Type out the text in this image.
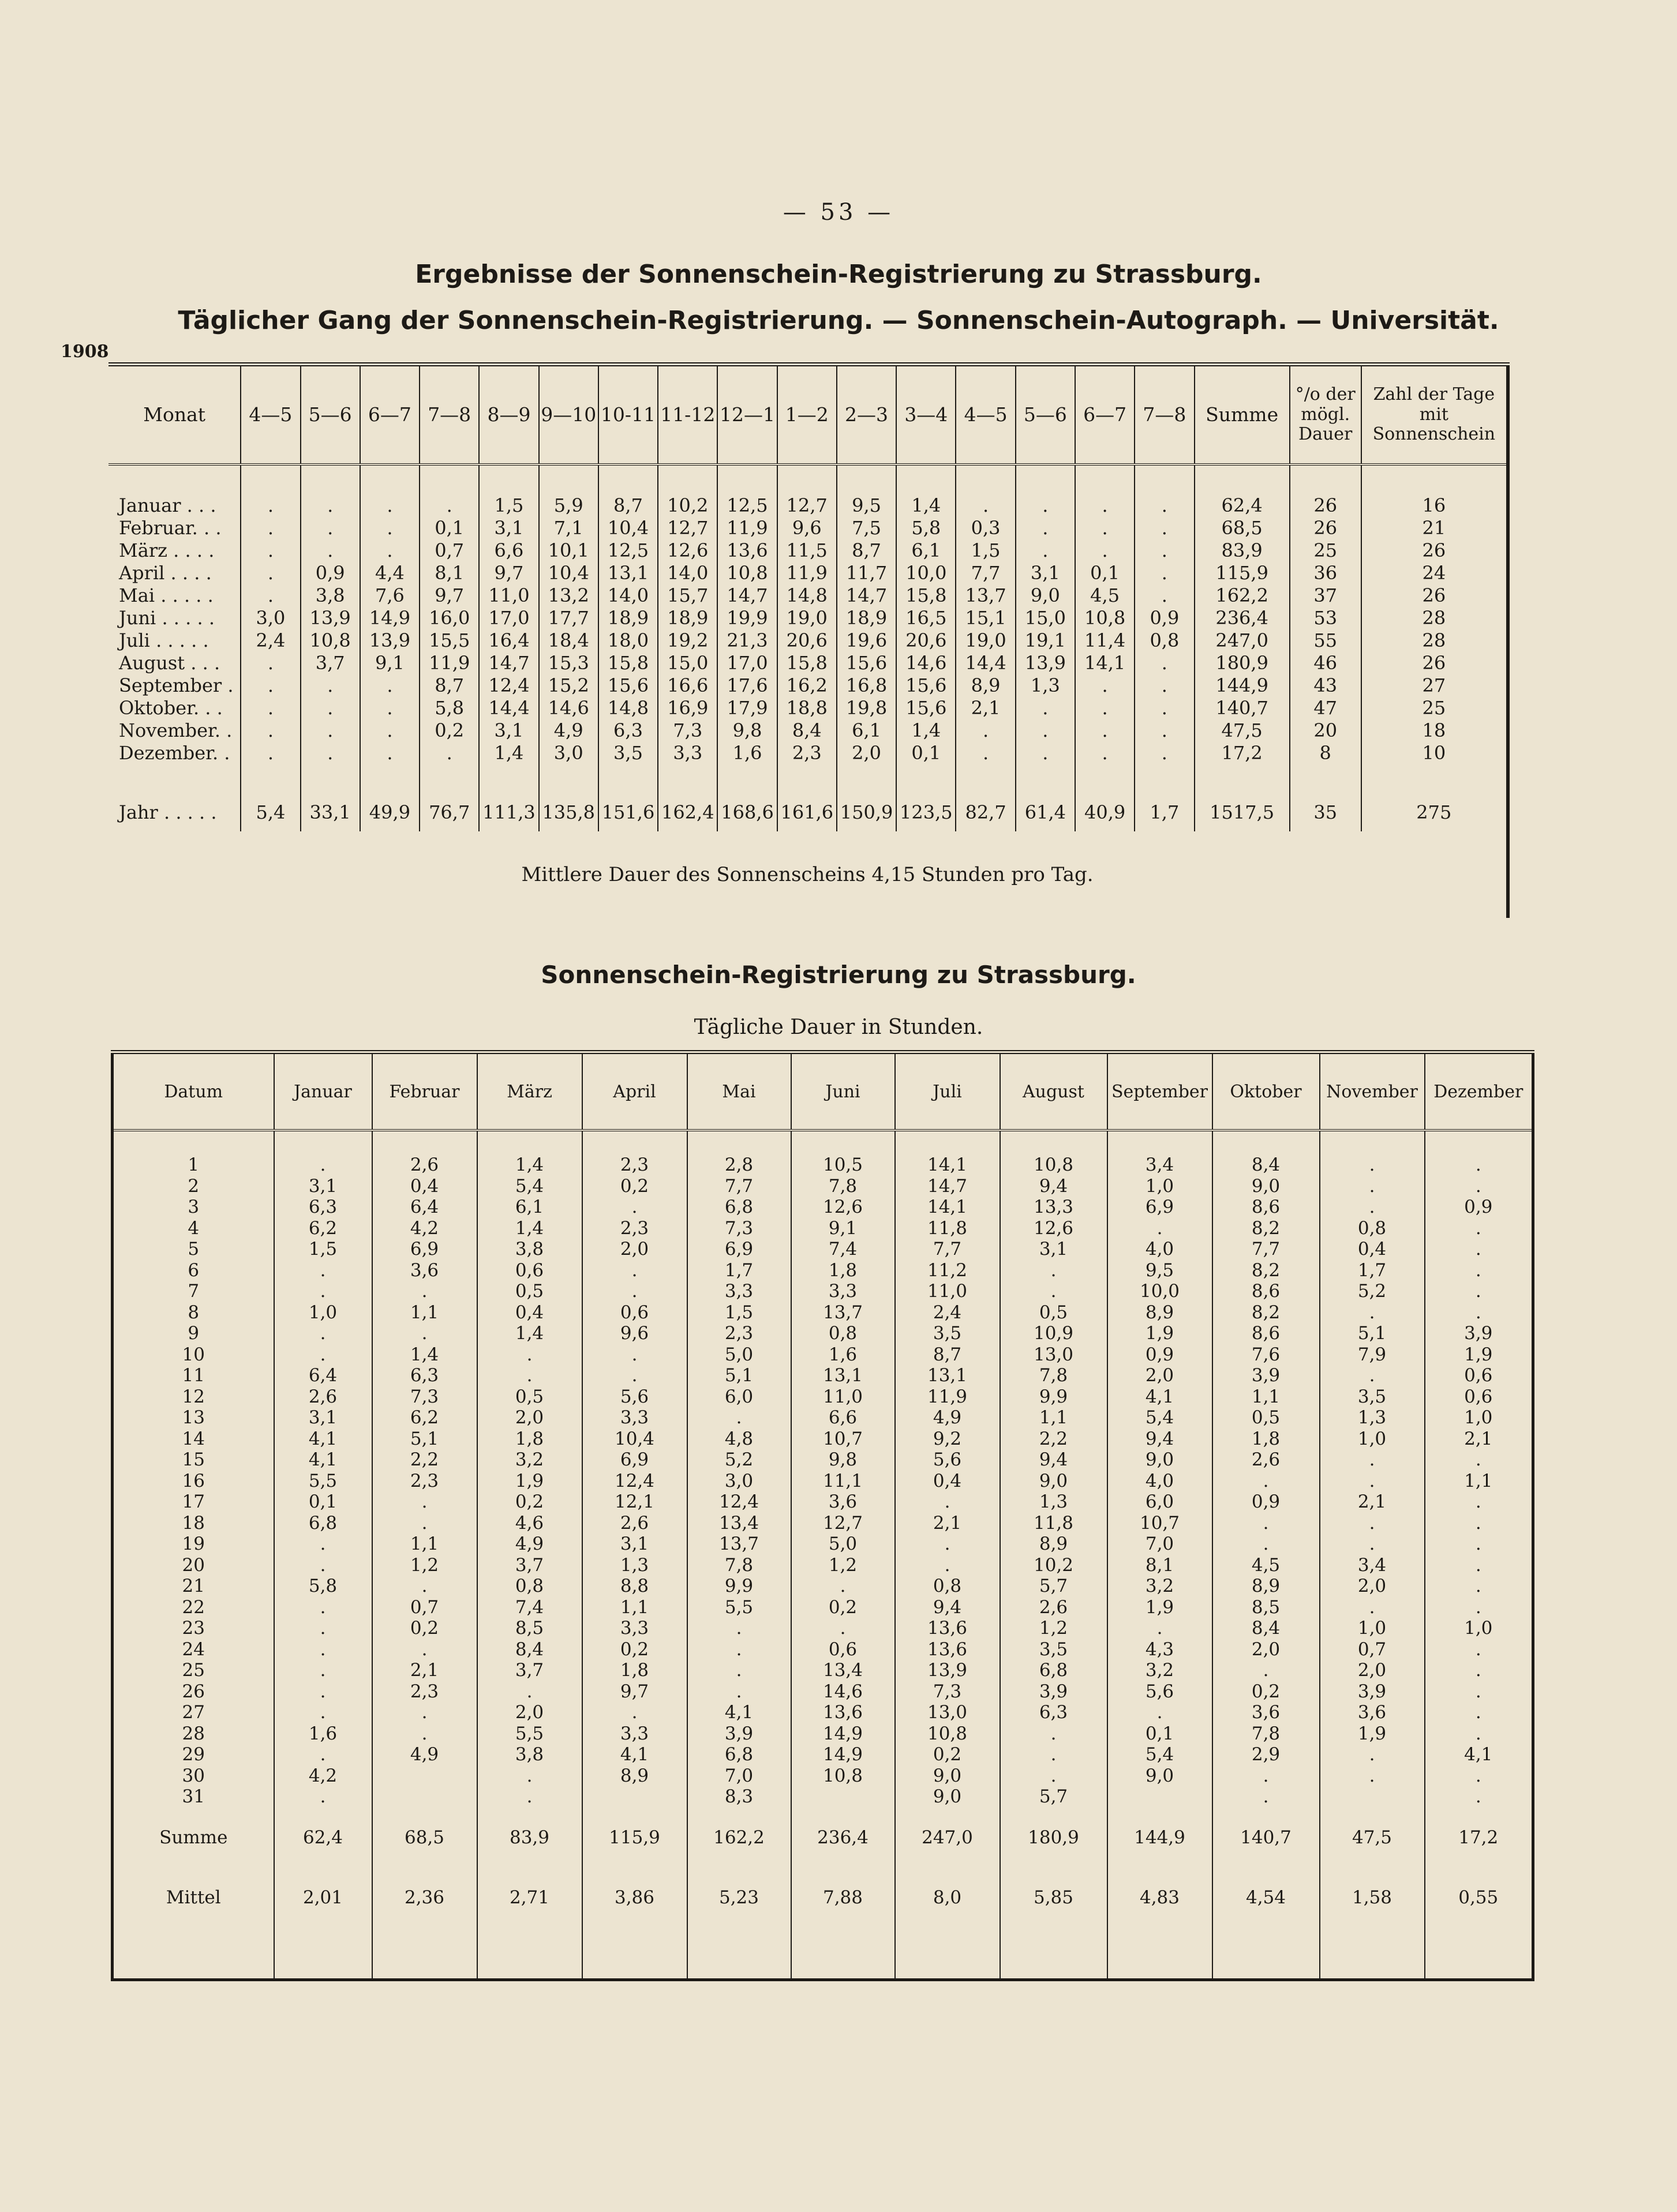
— 53 —
Ergebnisse der Sonnenschein-Registrierung zu Strassburg.
Täglicher Gang der Sonnenschein-Registrierung. — Sonnenschein-Autograph. — Universität.
1908
Monat	4—5	5—6	6—7	7—8	8—9	9—10	10-11	11-12	12—1	1—2	2—3	3—4	4—5	5—6	6—7	7—8	Summe	°/o der mögl. Dauer	Zahl der Tage mit Sonnenschein

Januar . . .	.	.	.	.	1,5	5,9	8,7	10,2	12,5	12,7	9,5	1,4	.	.	.	.	62,4	26	16
Februar. . .	.	.	.	0,1	3,1	7,1	10,4	12,7	11,9	9,6	7,5	5,8	0,3	.	.	.	68,5	26	21
März . . . .	.	.	.	0,7	6,6	10,1	12,5	12,6	13,6	11,5	8,7	6,1	1,5	.	.	.	83,9	25	26
April . . . .	.	0,9	4,4	8,1	9,7	10,4	13,1	14,0	10,8	11,9	11,7	10,0	7,7	3,1	0,1	.	115,9	36	24
Mai . . . . .	.	3,8	7,6	9,7	11,0	13,2	14,0	15,7	14,7	14,8	14,7	15,8	13,7	9,0	4,5	.	162,2	37	26
Juni . . . . .	3,0	13,9	14,9	16,0	17,0	17,7	18,9	18,9	19,9	19,0	18,9	16,5	15,1	15,0	10,8	0,9	236,4	53	28
Juli . . . . .	2,4	10,8	13,9	15,5	16,4	18,4	18,0	19,2	21,3	20,6	19,6	20,6	19,0	19,1	11,4	0,8	247,0	55	28
August . . .	.	3,7	9,1	11,9	14,7	15,3	15,8	15,0	17,0	15,8	15,6	14,6	14,4	13,9	14,1	.	180,9	46	26
September .	.	.	.	8,7	12,4	15,2	15,6	16,6	17,6	16,2	16,8	15,6	8,9	1,3	.	.	144,9	43	27
Oktober. . .	.	.	.	5,8	14,4	14,6	14,8	16,9	17,9	18,8	19,8	15,6	2,1	.	.	.	140,7	47	25
November. .	.	.	.	0,2	3,1	4,9	6,3	7,3	9,8	8,4	6,1	1,4	.	.	.	.	47,5	20	18
Dezember. .	.	.	.	.	1,4	3,0	3,5	3,3	1,6	2,3	2,0	0,1	.	.	.	.	17,2	8	10

Jahr . . . . .	5,4	33,1	49,9	76,7	111,3	135,8	151,6	162,4	168,6	161,6	150,9	123,5	82,7	61,4	40,9	1,7	1517,5	35	275
Mittlere Dauer des Sonnenscheins 4,15 Stunden pro Tag.																			
Sonnenschein-Registrierung zu Strassburg.
Tägliche Dauer in Stunden.
Datum	Januar	Februar	März	April	Mai	Juni	Juli	August	September	Oktober	November	Dezember

1	.	2,6	1,4	2,3	2,8	10,5	14,1	10,8	3,4	8,4	.	.
2	3,1	0,4	5,4	0,2	7,7	7,8	14,7	9,4	1,0	9,0	.	.
3	6,3	6,4	6,1	.	6,8	12,6	14,1	13,3	6,9	8,6	.	0,9
4	6,2	4,2	1,4	2,3	7,3	9,1	11,8	12,6	.	8,2	0,8	.
5	1,5	6,9	3,8	2,0	6,9	7,4	7,7	3,1	4,0	7,7	0,4	.
6	.	3,6	0,6	.	1,7	1,8	11,2	.	9,5	8,2	1,7	.
7	.	.	0,5	.	3,3	3,3	11,0	.	10,0	8,6	5,2	.
8	1,0	1,1	0,4	0,6	1,5	13,7	2,4	0,5	8,9	8,2	.	.
9	.	.	1,4	9,6	2,3	0,8	3,5	10,9	1,9	8,6	5,1	3,9
10	.	1,4	.	.	5,0	1,6	8,7	13,0	0,9	7,6	7,9	1,9
11	6,4	6,3	.	.	5,1	13,1	13,1	7,8	2,0	3,9	.	0,6
12	2,6	7,3	0,5	5,6	6,0	11,0	11,9	9,9	4,1	1,1	3,5	0,6
13	3,1	6,2	2,0	3,3	.	6,6	4,9	1,1	5,4	0,5	1,3	1,0
14	4,1	5,1	1,8	10,4	4,8	10,7	9,2	2,2	9,4	1,8	1,0	2,1
15	4,1	2,2	3,2	6,9	5,2	9,8	5,6	9,4	9,0	2,6	.	.
16	5,5	2,3	1,9	12,4	3,0	11,1	0,4	9,0	4,0	.	.	1,1
17	0,1	.	0,2	12,1	12,4	3,6	.	1,3	6,0	0,9	2,1	.
18	6,8	.	4,6	2,6	13,4	12,7	2,1	11,8	10,7	.	.	.
19	.	1,1	4,9	3,1	13,7	5,0	.	8,9	7,0	.	.	.
20	.	1,2	3,7	1,3	7,8	1,2	.	10,2	8,1	4,5	3,4	.
21	5,8	.	0,8	8,8	9,9	.	0,8	5,7	3,2	8,9	2,0	.
22	.	0,7	7,4	1,1	5,5	0,2	9,4	2,6	1,9	8,5	.	.
23	.	0,2	8,5	3,3	.	.	13,6	1,2	.	8,4	1,0	1,0
24	.	.	8,4	0,2	.	0,6	13,6	3,5	4,3	2,0	0,7	.
25	.	2,1	3,7	1,8	.	13,4	13,9	6,8	3,2	.	2,0	.
26	.	2,3	.	9,7	.	14,6	7,3	3,9	5,6	0,2	3,9	.
27	.	.	2,0	.	4,1	13,6	13,0	6,3	.	3,6	3,6	.
28	1,6	.	5,5	3,3	3,9	14,9	10,8	.	0,1	7,8	1,9	.
29	.	4,9	3,8	4,1	6,8	14,9	0,2	.	5,4	2,9	.	4,1
30	4,2		.	8,9	7,0	10,8	9,0	.	9,0	.	.	.
31	.		.		8,3		9,0	5,7		.		.
Summe	62,4	68,5	83,9	115,9	162,2	236,4	247,0	180,9	144,9	140,7	47,5	17,2
Mittel	2,01	2,36	2,71	3,86	5,23	7,88	8,0	5,85	4,83	4,54	1,58	0,55
